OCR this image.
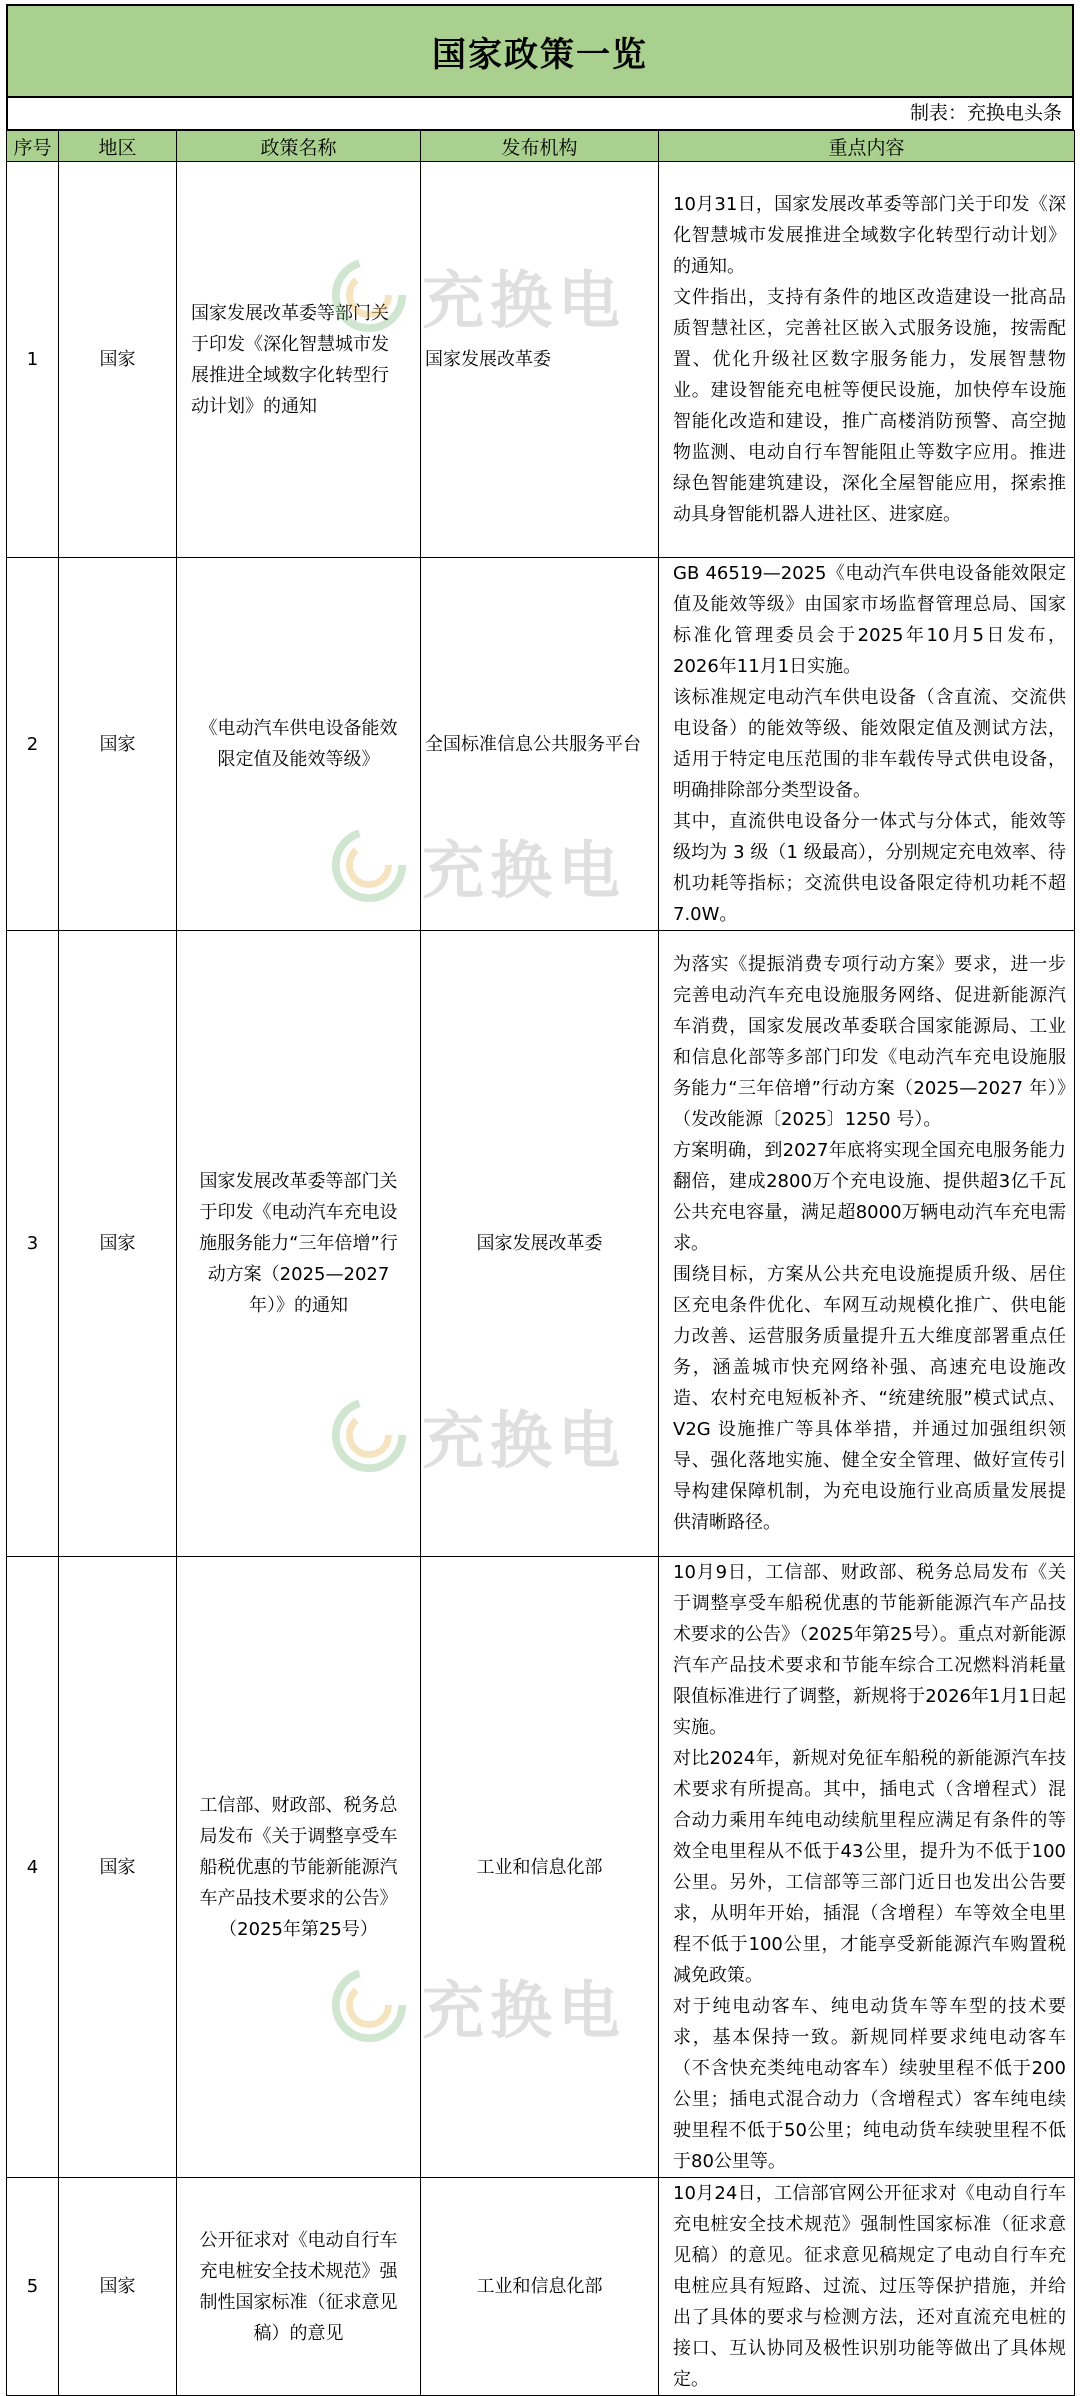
国家政策一览
制表：充换电头条
序号	地区	政策名称	发布机构	重点内容
1	国家	国家发展改革委等部门关于印发《深化智慧城市发展推进全域数字化转型行动计划》的通知	国家发展改革委	10月31日，国家发展改革委等部门关于印发《深化智慧城市发展推进全域数字化转型行动计划》的通知。

文件指出，支持有条件的地区改造建设一批高品质智慧社区，完善社区嵌入式服务设施，按需配置、优化升级社区数字服务能力，发展智慧物业。建设智能充电桩等便民设施，加快停车设施智能化改造和建设，推广高楼消防预警、高空抛物监测、电动自行车智能阻止等数字应用。推进绿色智能建筑建设，深化全屋智能应用，探索推动具身智能机器人进社区、进家庭。

2	国家	《电动汽车供电设备能效限定值及能效等级》	全国标准信息公共服务平台	GB 46519—2025《电动汽车供电设备能效限定值及能效等级》由国家市场监督管理总局、国家标准化管理委员会于2025年10月5日发布，2026年11月1日实施。

该标准规定电动汽车供电设备（含直流、交流供电设备）的能效等级、能效限定值及测试方法，适用于特定电压范围的非车载传导式供电设备，明确排除部分类型设备。

其中，直流供电设备分一体式与分体式，能效等级均为 3 级（1 级最高），分别规定充电效率、待机功耗等指标；交流供电设备限定待机功耗不超 7.0W。

3	国家	国家发展改革委等部门关于印发《电动汽车充电设施服务能力“三年倍增”行动方案（2025—2027年）》的通知	国家发展改革委	为落实《提振消费专项行动方案》要求，进一步完善电动汽车充电设施服务网络、促进新能源汽车消费，国家发展改革委联合国家能源局、工业和信息化部等多部门印发《电动汽车充电设施服务能力“三年倍增”行动方案（2025—2027 年）》（发改能源〔2025〕1250 号）。

方案明确，到2027年底将实现全国充电服务能力翻倍，建成2800万个充电设施、提供超3亿千瓦公共充电容量，满足超8000万辆电动汽车充电需求。

围绕目标，方案从公共充电设施提质升级、居住区充电条件优化、车网互动规模化推广、供电能力改善、运营服务质量提升五大维度部署重点任务，涵盖城市快充网络补强、高速充电设施改造、农村充电短板补齐、“统建统服”模式试点、V2G 设施推广等具体举措，并通过加强组织领导、强化落地实施、健全安全管理、做好宣传引导构建保障机制，为充电设施行业高质量发展提供清晰路径。

4	国家	工信部、财政部、税务总局发布《关于调整享受车船税优惠的节能新能源汽车产品技术要求的公告》（2025年第25号）	工业和信息化部	10月9日，工信部、财政部、税务总局发布《关于调整享受车船税优惠的节能新能源汽车产品技术要求的公告》（2025年第25号）。重点对新能源汽车产品技术要求和节能车综合工况燃料消耗量限值标准进行了调整，新规将于2026年1月1日起实施。

对比2024年，新规对免征车船税的新能源汽车技术要求有所提高。其中，插电式（含增程式）混合动力乘用车纯电动续航里程应满足有条件的等效全电里程从不低于43公里，提升为不低于100公里。另外，工信部等三部门近日也发出公告要求，从明年开始，插混（含增程）车等效全电里程不低于100公里，才能享受新能源汽车购置税减免政策。

对于纯电动客车、纯电动货车等车型的技术要求，基本保持一致。新规同样要求纯电动客车（不含快充类纯电动客车）续驶里程不低于200公里；插电式混合动力（含增程式）客车纯电续驶里程不低于50公里；纯电动货车续驶里程不低于80公里等。

5	国家	公开征求对《电动自行车充电桩安全技术规范》强制性国家标准（征求意见稿）的意见	工业和信息化部	10月24日，工信部官网公开征求对《电动自行车充电桩安全技术规范》强制性国家标准（征求意见稿）的意见。征求意见稿规定了电动自行车充电桩应具有短路、过流、过压等保护措施，并给出了具体的要求与检测方法，还对直流充电桩的接口、互认协同及极性识别功能等做出了具体规定。

充换电
充换电
充换电
充换电
